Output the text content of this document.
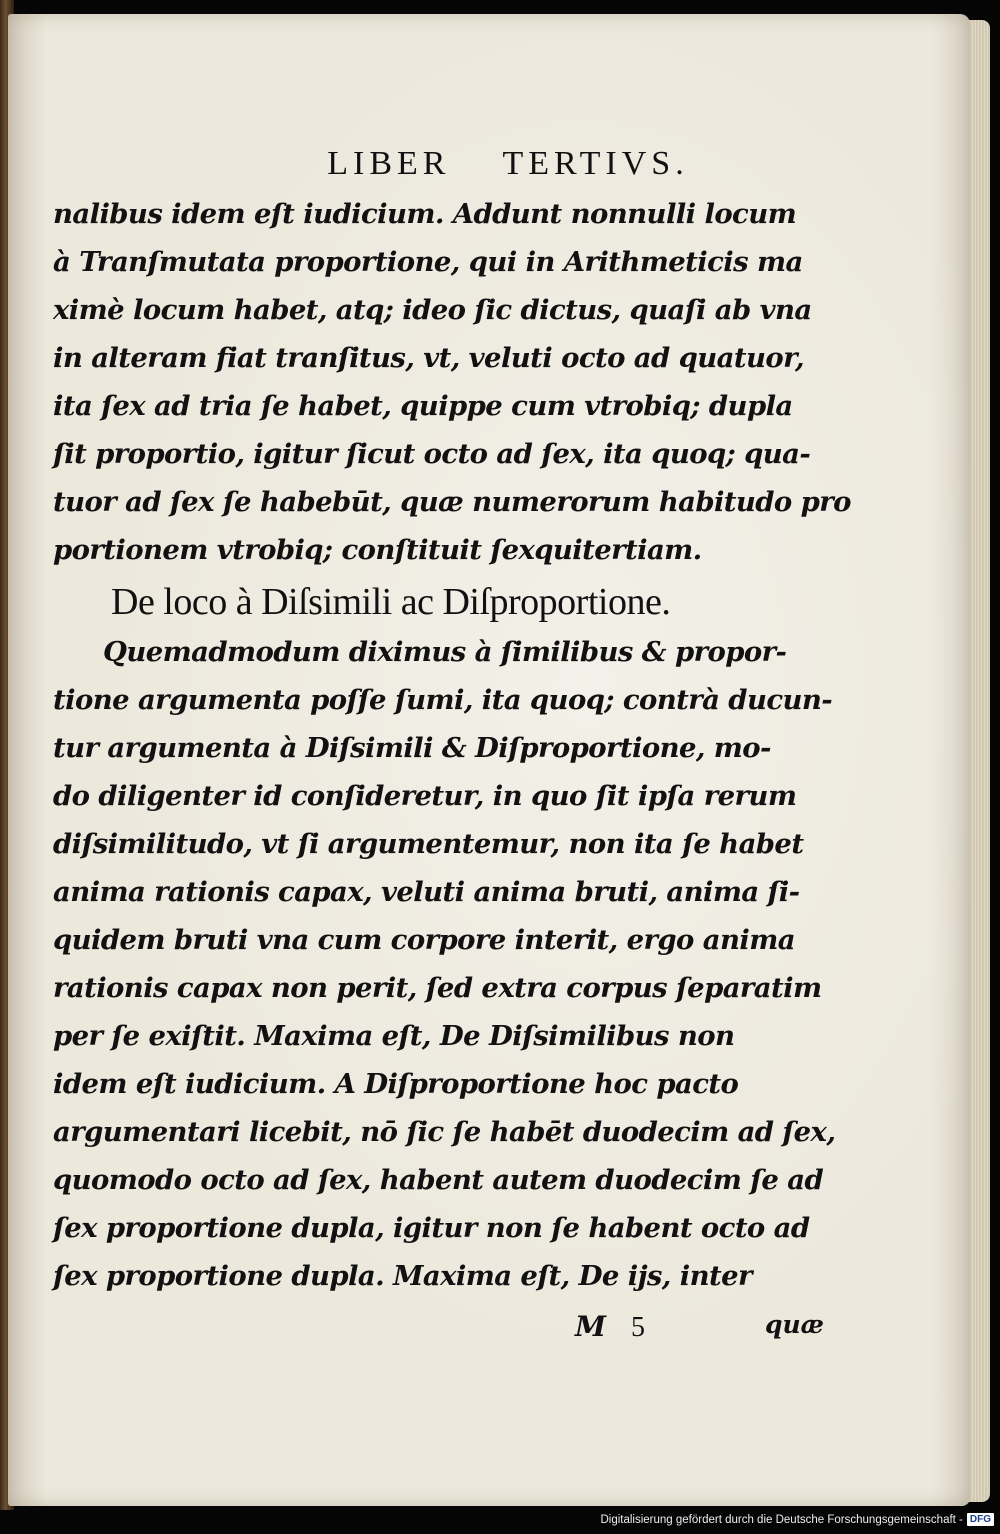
LIBER TERTIVS.
nalibus idem eſt iudicium. Addunt nonnulli locum
à Tranſmutata proportione, qui in Arithmeticis ma
ximè locum habet, atq; ideo ſic dictus, quaſi ab vna
in alteram fiat tranſitus, vt, veluti octo ad quatuor,
ita ſex ad tria ſe habet, quippe cum vtrobiq; dupla
ſit proportio, igitur ſicut octo ad ſex, ita quoq; qua-
tuor ad ſex ſe habebūt, quæ numerorum habitudo pro
portionem vtrobiq; conſtituit ſexquitertiam.
De loco à Diſsimili ac Diſproportione.
Quemadmodum diximus à ſimilibus & propor-
tione argumenta poſſe ſumi, ita quoq; contrà ducun-
tur argumenta à Diſsimili & Diſproportione, mo-
do diligenter id conſideretur, in quo ſit ipſa rerum
diſsimilitudo, vt ſi argumentemur, non ita ſe habet
anima rationis capax, veluti anima bruti, anima ſi-
quidem bruti vna cum corpore interit, ergo anima
rationis capax non perit, ſed extra corpus ſeparatim
per ſe exiſtit. Maxima eſt, De Diſsimilibus non
idem eſt iudicium. A Diſproportione hoc pacto
argumentari licebit, nō ſic ſe habēt duodecim ad ſex,
quomodo octo ad ſex, habent autem duodecim ſe ad
ſex proportione dupla, igitur non ſe habent octo ad
ſex proportione dupla. Maxima eſt, De ijs, inter
M 5	quæ
Digitalisierung gefördert durch die Deutsche Forschungsgemeinschaft - DFG
